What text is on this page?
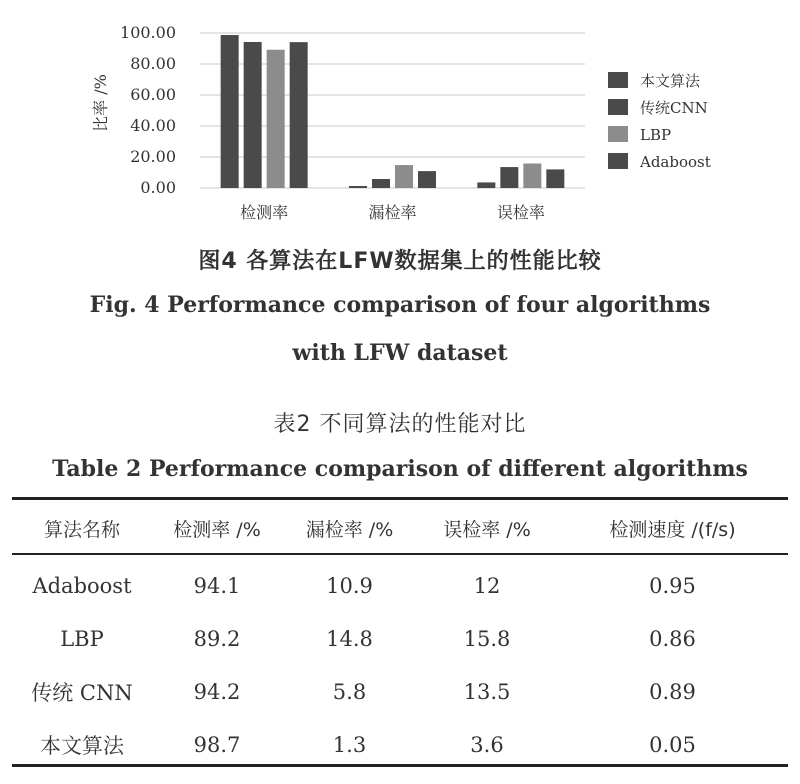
100.00
80.00
60.00
40.00
20.00
0.00
比率 /%
检测率	漏检率	误检率
本文算法
传统CNN
LBP
Adaboost
图4 各算法在LFW数据集上的性能比较
Fig. 4 Performance comparison of four algorithms
with LFW dataset
表2 不同算法的性能对比
Table 2 Performance comparison of different algorithms
算法名称	检测率 /%	漏检率 /%	误检率 /%	检测速度 /(f/s)
Adaboost	94.1	10.9	12	0.95
LBP	89.2	14.8	15.8	0.86
传统 CNN	94.2	5.8	13.5	0.89
本文算法	98.7	1.3	3.6	0.05
